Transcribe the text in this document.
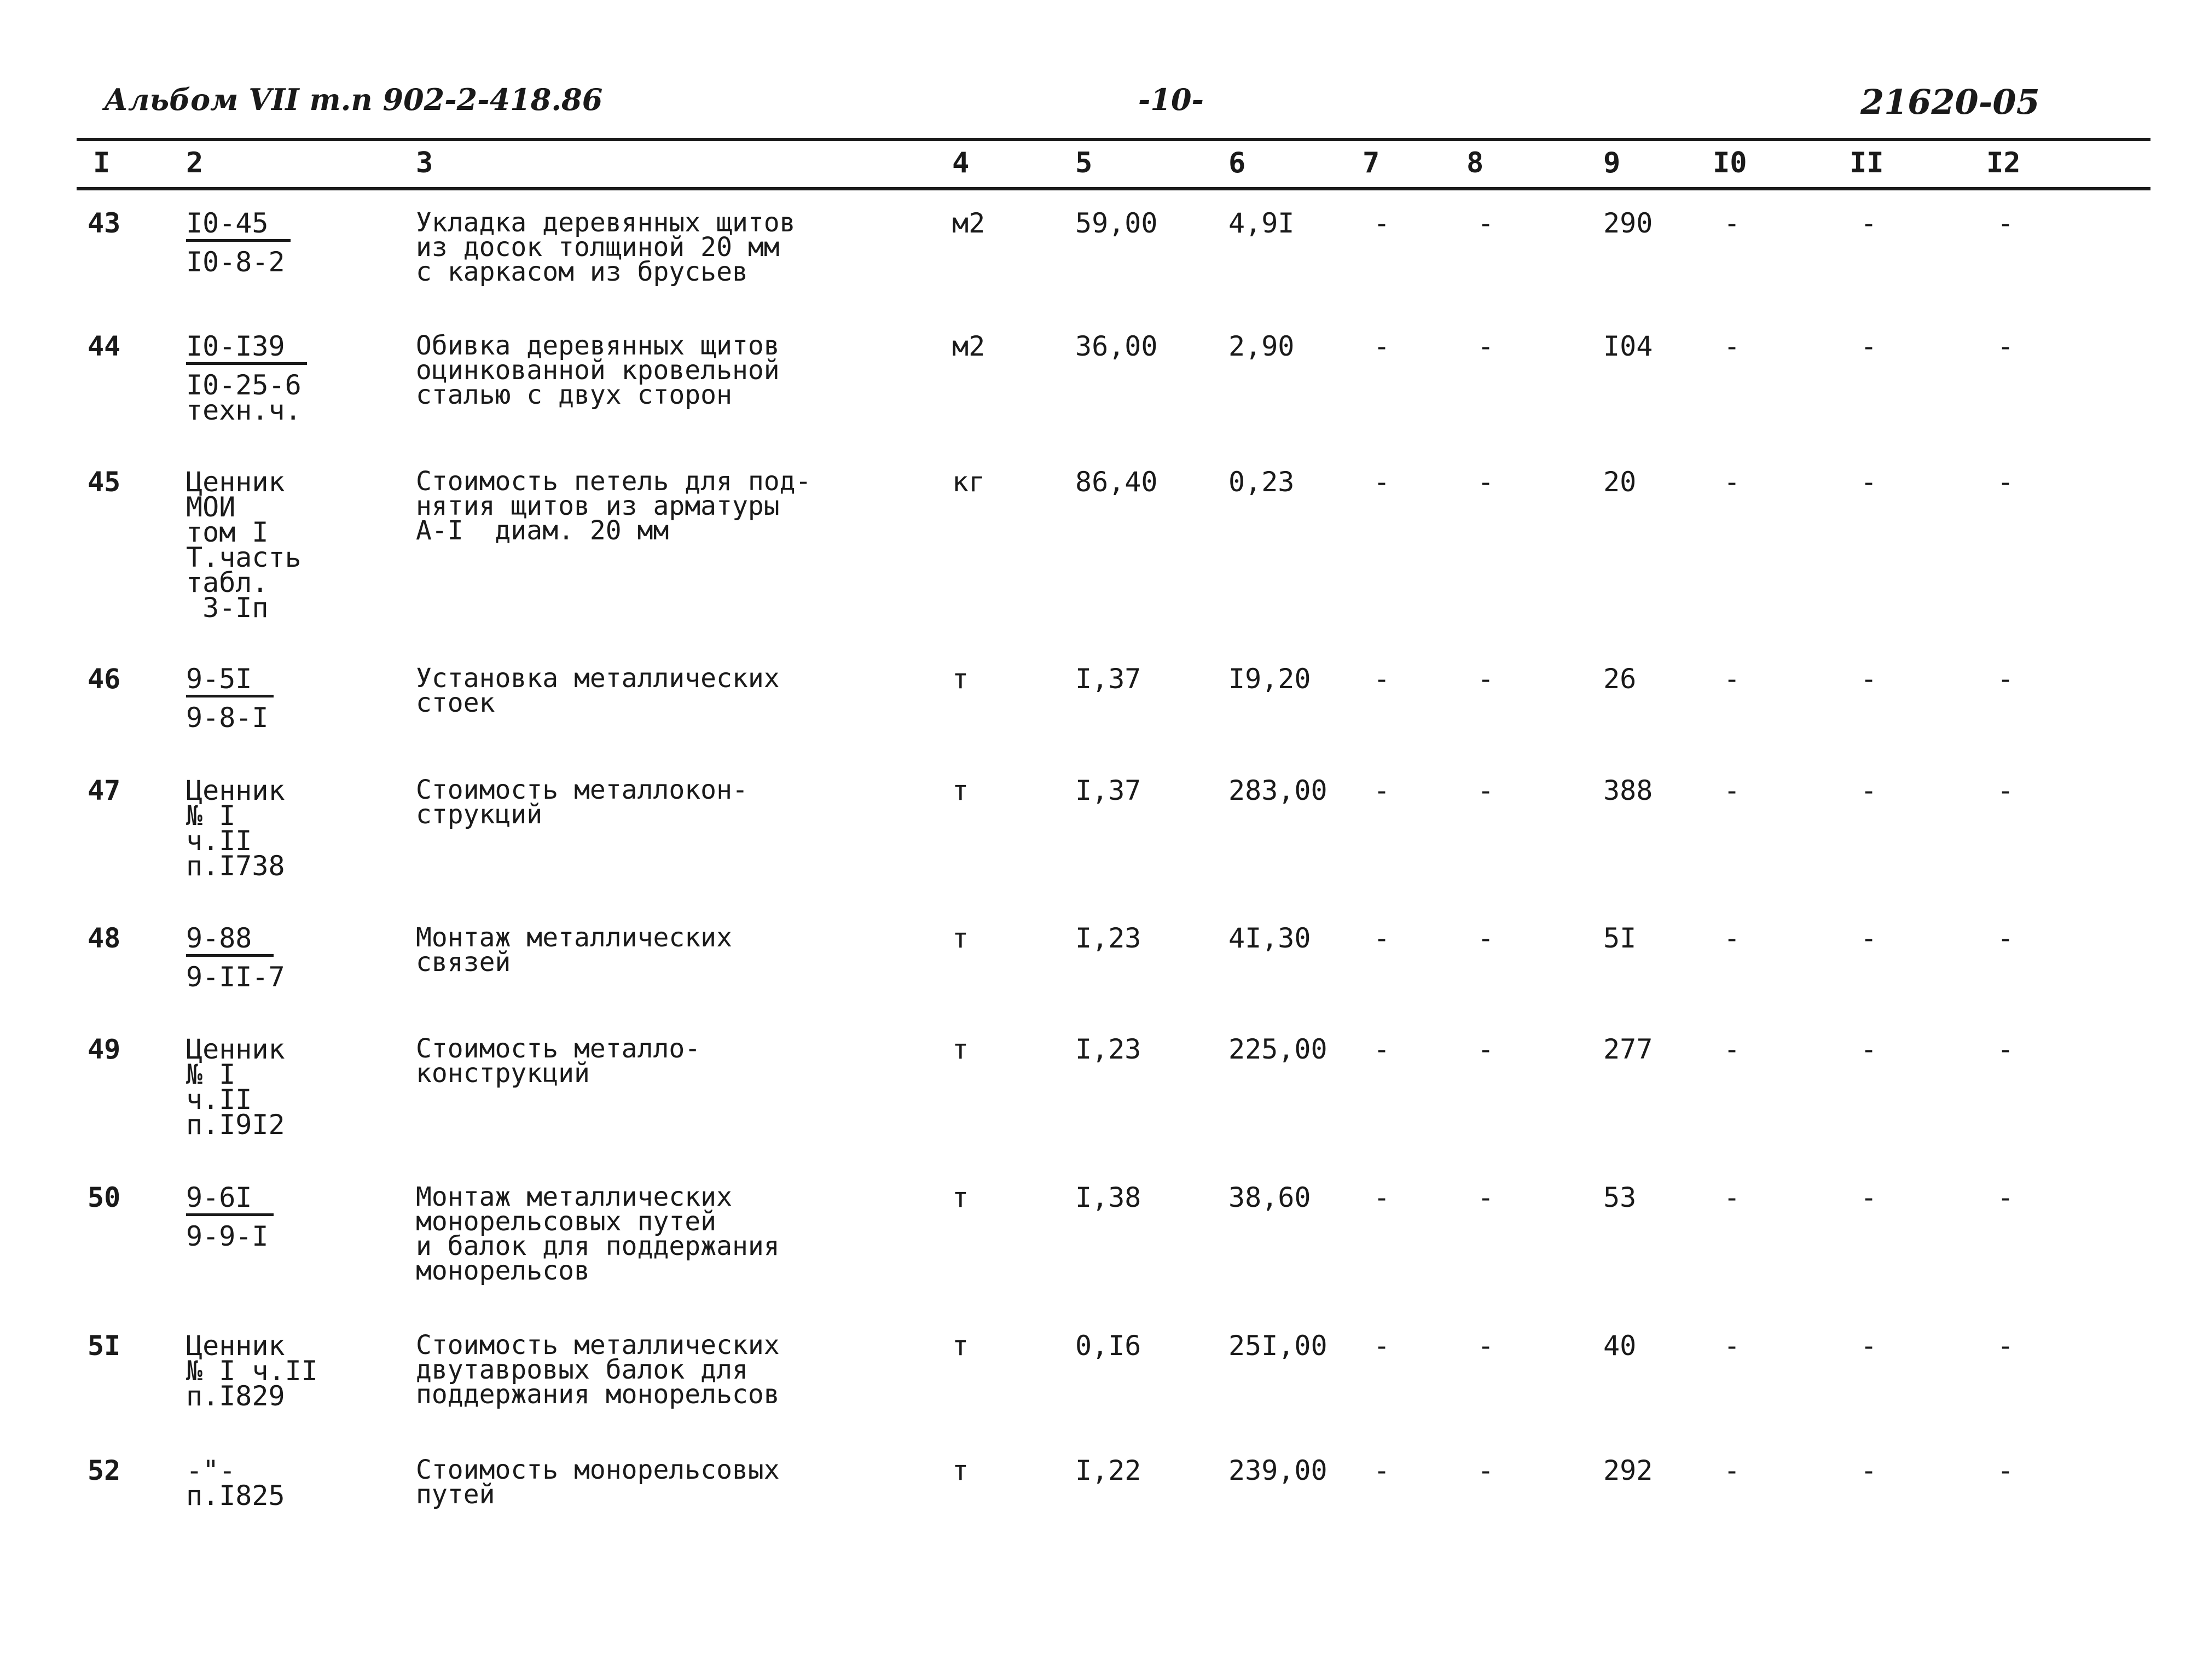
Альбом VII т.п 902-2-418.86	-10-	21620-05
I	2	3	4	5	6	7	8	9	I0	II	I2
43 I0-45
I0-8-2
Укладка деревянных щитов
из досок толщиной 20 мм
с каркасом из брусьев
м2	59,00	4,9I	-	-	290	-	-	-
44 I0-I39
I0-25-6
техн.ч.
Обивка деревянных щитов
оцинкованной кровельной
сталью с двух сторон
м2	36,00	2,90	-	-	I04	-	-	-
45 Ценник
МОИ
том I
Т.часть
табл.
3-Iп
Стоимость петель для под-
нятия щитов из арматуры
А-I  диам. 20 мм
кг	86,40	0,23	-	-	20	-	-	-
46 9-5I
9-8-I
Установка металлических
стоек
т	I,37	I9,20 -	-	26	-	-	-
47 Ценник
№ I
ч.II
п.I738
Стоимость металлокон-
струкций
т	I,37	283,00 -	-	388	-	-	-
48 9-88
9-II-7
Монтаж металлических
связей
т	I,23	4I,30 -	-	5I	-	-	-
49 Ценник
№ I
ч.II
п.I9I2
Стоимость металло-
конструкций
т	I,23	225,00 -	-	277	-	-	-
50 9-6I
9-9-I
Монтаж металлических
монорельсовых путей
и балок для поддержания
монорельсов
т	I,38	38,60 -	-	53	-	-	-
5I Ценник
№ I ч.II
п.I829
Стоимость металлических
двутавровых балок для
поддержания монорельсов
т	0,I6	25I,00 -	-	40	-	-	-
52 -"-
п.I825
Стоимость монорельсовых
путей
т	I,22	239,00 -	-	292	-	-	-
